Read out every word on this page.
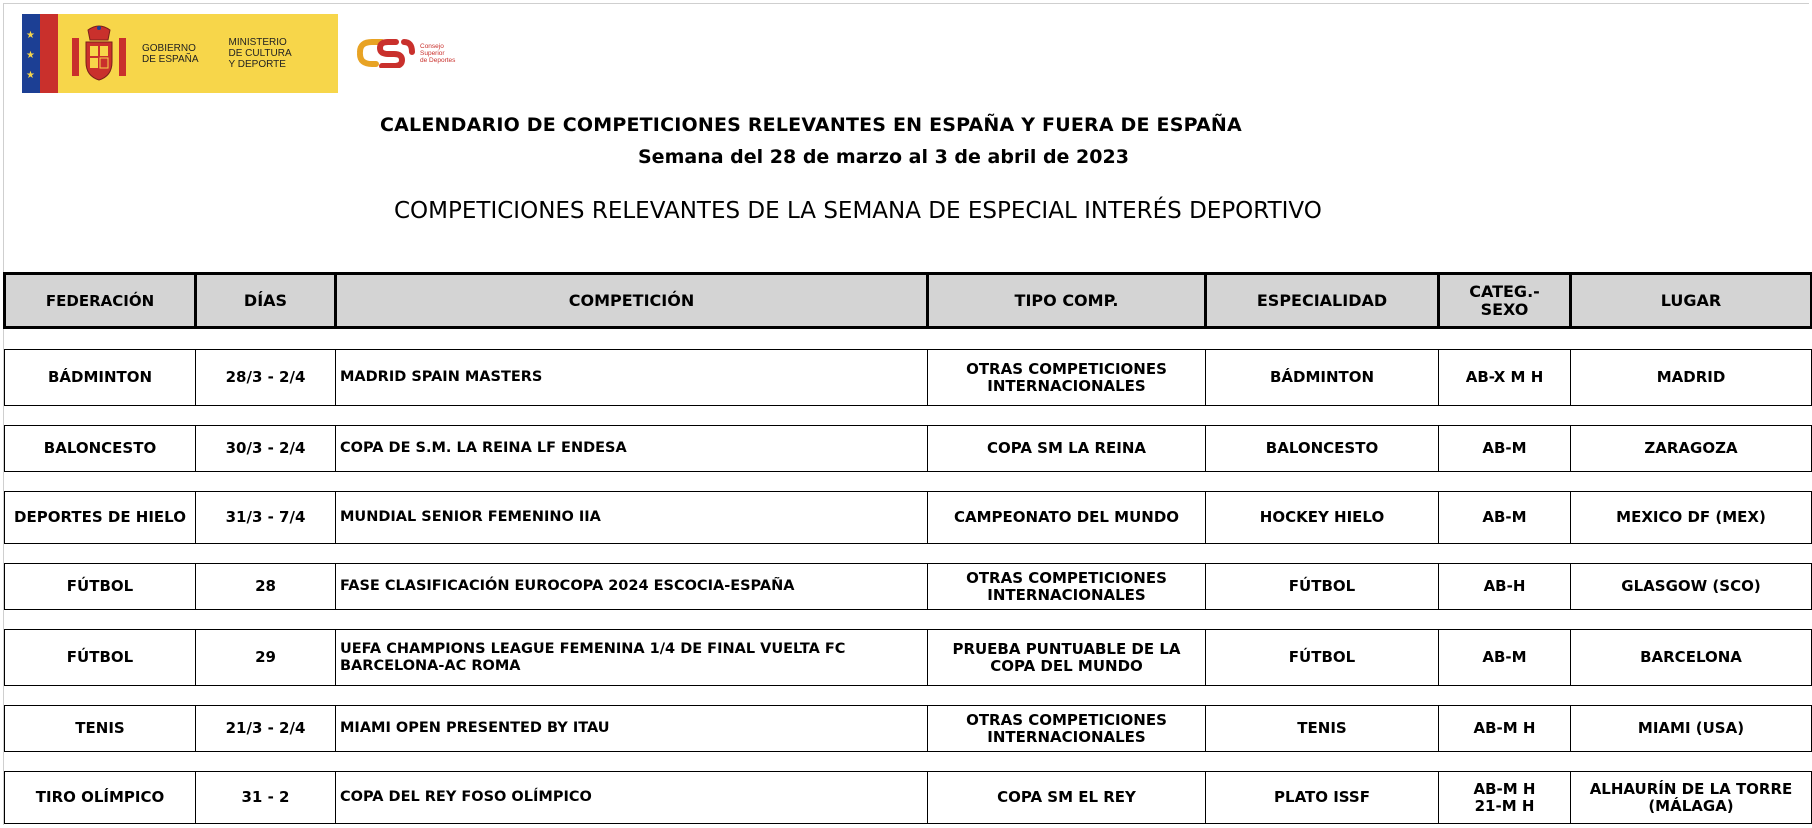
★
★
★
GOBIERNO
DE ESPAÑA
MINISTERIO
DE CULTURA
Y DEPORTE
Consejo
Superior
de Deportes
CALENDARIO DE COMPETICIONES RELEVANTES EN ESPAÑA Y FUERA DE ESPAÑA
Semana del 28 de marzo al 3 de abril de 2023
COMPETICIONES RELEVANTES DE LA SEMANA DE ESPECIAL INTERÉS DEPORTIVO
FEDERACIÓN	DÍAS	COMPETICIÓN	TIPO COMP.	ESPECIALIDAD	CATEG.-
SEXO	LUGAR

BÁDMINTON	28/3 - 2/4	MADRID SPAIN MASTERS	OTRAS COMPETICIONES
INTERNACIONALES	BÁDMINTON	AB-X M H	MADRID

BALONCESTO	30/3 - 2/4	COPA DE S.M. LA REINA LF ENDESA	COPA SM LA REINA	BALONCESTO	AB-M	ZARAGOZA

DEPORTES DE HIELO	31/3 - 7/4	MUNDIAL SENIOR FEMENINO IIA	CAMPEONATO DEL MUNDO	HOCKEY HIELO	AB-M	MEXICO DF (MEX)

FÚTBOL	28	FASE CLASIFICACIÓN EUROCOPA 2024 ESCOCIA-ESPAÑA	OTRAS COMPETICIONES
INTERNACIONALES	FÚTBOL	AB-H	GLASGOW (SCO)

FÚTBOL	29	UEFA CHAMPIONS LEAGUE FEMENINA 1/4 DE FINAL VUELTA FC
BARCELONA-AC ROMA	PRUEBA PUNTUABLE DE LA
COPA DEL MUNDO	FÚTBOL	AB-M	BARCELONA

TENIS	21/3 - 2/4	MIAMI OPEN PRESENTED BY ITAU	OTRAS COMPETICIONES
INTERNACIONALES	TENIS	AB-M H	MIAMI (USA)

TIRO OLÍMPICO	31 - 2	COPA DEL REY FOSO OLÍMPICO	COPA SM EL REY	PLATO ISSF	AB-M H
21-M H	ALHAURÍN DE LA TORRE
(MÁLAGA)
